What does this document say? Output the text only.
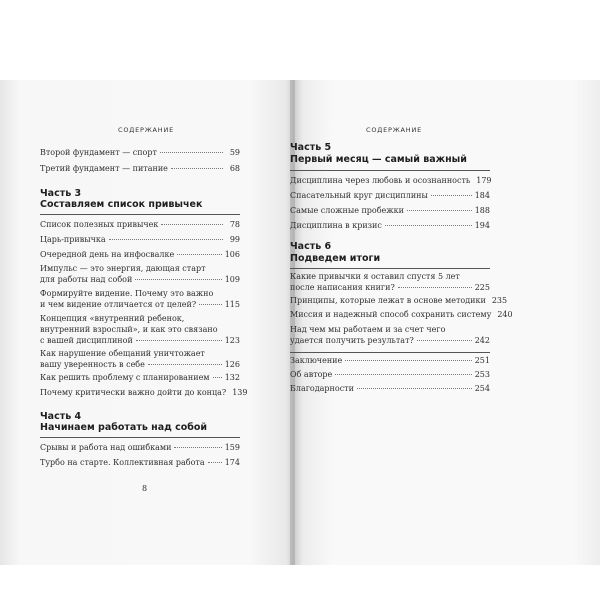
СОДЕРЖАНИЕ
Второй фундамент — спорт	59
Третий фундамент — питание	68
Часть 3
Составляем список привычек
Список полезных привычек	78
Царь-привычка	99
Очередной день на инфосвалке	106
Импульс — это энергия, дающая старт
для работы над собой	109
Формируйте видение. Почему это важно
и чем видение отличается от целей?	115
Концепция «внутренний ребенок,
внутренний взрослый», и как это связано
с вашей дисциплиной	123
Как нарушение обещаний уничтожает
вашу уверенность в себе	126
Как решить проблему с планированием 132
Почему критически важно дойти до конца? 139
Часть 4
Начинаем работать над собой
Срывы и работа над ошибками	159
Турбо на старте. Коллективная работа	174
8
СОДЕРЖАНИЕ
Часть 5
Первый месяц — самый важный
Дисциплина через любовь и осознанность 179
Спасательный круг дисциплины	184
Самые сложные пробежки	188
Дисциплина в кризис	194
Часть 6
Подведем итоги
Какие привычки я оставил спустя 5 лет
после написания книги?	225
Принципы, которые лежат в основе методики 235
Миссия и надежный способ сохранить систему 240
Над чем мы работаем и за счет чего
удается получить результат?	242
Заключение	251
Об авторе	253
Благодарности	254
